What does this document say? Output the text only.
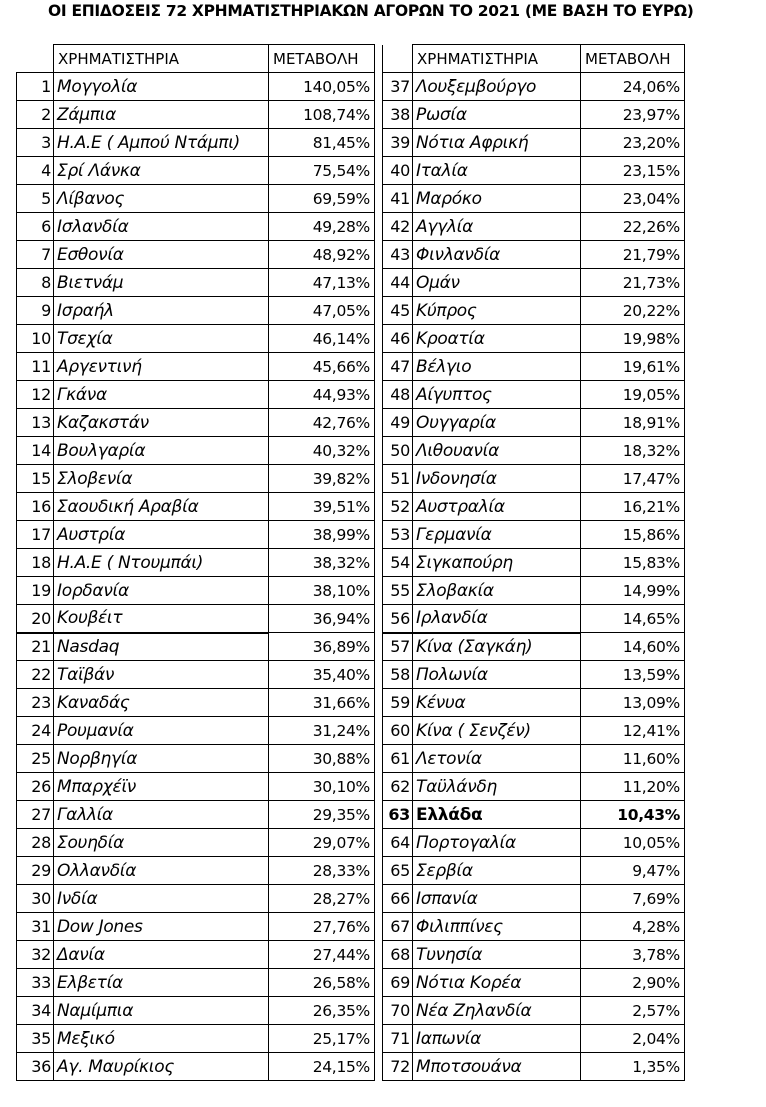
ΟΙ ΕΠΙΔΟΣΕΙΣ 72 ΧΡΗΜΑΤΙΣΤΗΡΙΑΚΩΝ ΑΓΟΡΩΝ ΤΟ 2021 (ΜΕ ΒΑΣΗ ΤΟ ΕΥΡΩ)
	ΧΡΗΜΑΤΙΣΤΗΡΙΑ	ΜΕΤΑΒΟΛΗ			ΧΡΗΜΑΤΙΣΤΗΡΙΑ	ΜΕΤΑΒΟΛΗ
1	Μογγολία	140,05%		37	Λουξεμβούργο	24,06%
2	Ζάμπια	108,74%		38	Ρωσία	23,97%
3	Η.Α.Ε ( Αμπού Ντάμπι)	81,45%		39	Νότια Αφρική	23,20%
4	Σρί Λάνκα	75,54%		40	Ιταλία	23,15%
5	Λίβανος	69,59%		41	Μαρόκο	23,04%
6	Ισλανδία	49,28%		42	Αγγλία	22,26%
7	Εσθονία	48,92%		43	Φινλανδία	21,79%
8	Βιετνάμ	47,13%		44	Ομάν	21,73%
9	Ισραήλ	47,05%		45	Κύπρος	20,22%
10	Τσεχία	46,14%		46	Κροατία	19,98%
11	Αργεντινή	45,66%		47	Βέλγιο	19,61%
12	Γκάνα	44,93%		48	Αίγυπτος	19,05%
13	Καζακστάν	42,76%		49	Ουγγαρία	18,91%
14	Βουλγαρία	40,32%		50	Λιθουανία	18,32%
15	Σλοβενία	39,82%		51	Ινδονησία	17,47%
16	Σαουδική Αραβία	39,51%		52	Αυστραλία	16,21%
17	Αυστρία	38,99%		53	Γερμανία	15,86%
18	Η.Α.Ε ( Ντουμπάι)	38,32%		54	Σιγκαπούρη	15,83%
19	Ιορδανία	38,10%		55	Σλοβακία	14,99%
20	Κουβέιτ	36,94%		56	Ιρλανδία	14,65%
21	Nasdaq	36,89%		57	Κίνα (Σαγκάη)	14,60%
22	Ταϊβάν	35,40%		58	Πολωνία	13,59%
23	Καναδάς	31,66%		59	Κένυα	13,09%
24	Ρουμανία	31,24%		60	Κίνα ( Σενζέν)	12,41%
25	Νορβηγία	30,88%		61	Λετονία	11,60%
26	Μπαρχέϊν	30,10%		62	Ταϋλάνδη	11,20%
27	Γαλλία	29,35%		63	Ελλάδα	10,43%
28	Σουηδία	29,07%		64	Πορτογαλία	10,05%
29	Ολλανδία	28,33%		65	Σερβία	9,47%
30	Ινδία	28,27%		66	Ισπανία	7,69%
31	Dow Jones	27,76%		67	Φιλιππίνες	4,28%
32	Δανία	27,44%		68	Τυνησία	3,78%
33	Ελβετία	26,58%		69	Νότια Κορέα	2,90%
34	Ναμίμπια	26,35%		70	Νέα Ζηλανδία	2,57%
35	Μεξικό	25,17%		71	Ιαπωνία	2,04%
36	Αγ. Μαυρίκιος	24,15%		72	Μποτσουάνα	1,35%
